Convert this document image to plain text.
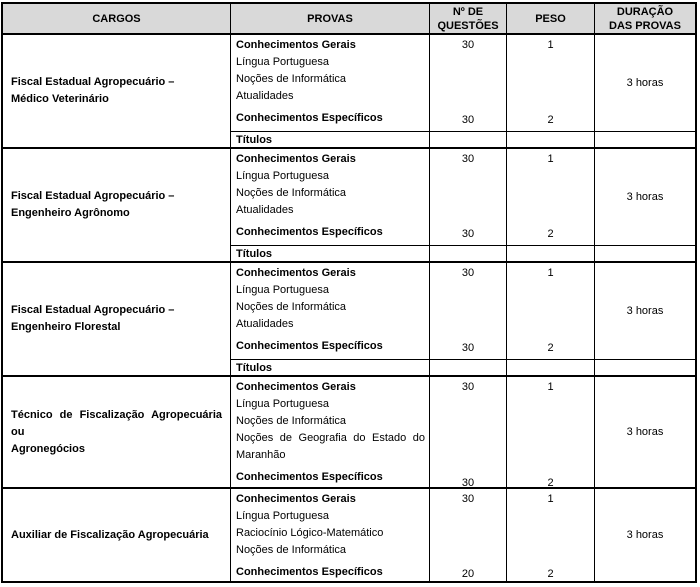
CARGOS	PROVAS
Nº DE
QUESTÕES
PESO
DURAÇÃO
DAS PROVAS
Fiscal Estadual Agropecuário –
Médico Veterinário
Conhecimentos Gerais
Língua Portuguesa
Noções de Informática
Atualidades
Conhecimentos Específicos
30
30
1
2
3 horas
Títulos
Fiscal Estadual Agropecuário –
Engenheiro Agrônomo
Conhecimentos Gerais
Língua Portuguesa
Noções de Informática
Atualidades
Conhecimentos Específicos
30
30
1
2
3 horas
Títulos
Fiscal Estadual Agropecuário –
Engenheiro Florestal
Conhecimentos Gerais
Língua Portuguesa
Noções de Informática
Atualidades
Conhecimentos Específicos
30
30
1
2
3 horas
Títulos
Técnico de Fiscalização Agropecuária ou
Agronegócios
Conhecimentos Gerais
Língua Portuguesa
Noções de Informática
Noções de Geografia do Estado do
Maranhão
Conhecimentos Específicos
30
30
1
2
3 horas
Auxiliar de Fiscalização Agropecuária
Conhecimentos Gerais
Língua Portuguesa
Raciocínio Lógico-Matemático
Noções de Informática
Conhecimentos Específicos
30
20
1
2
3 horas
